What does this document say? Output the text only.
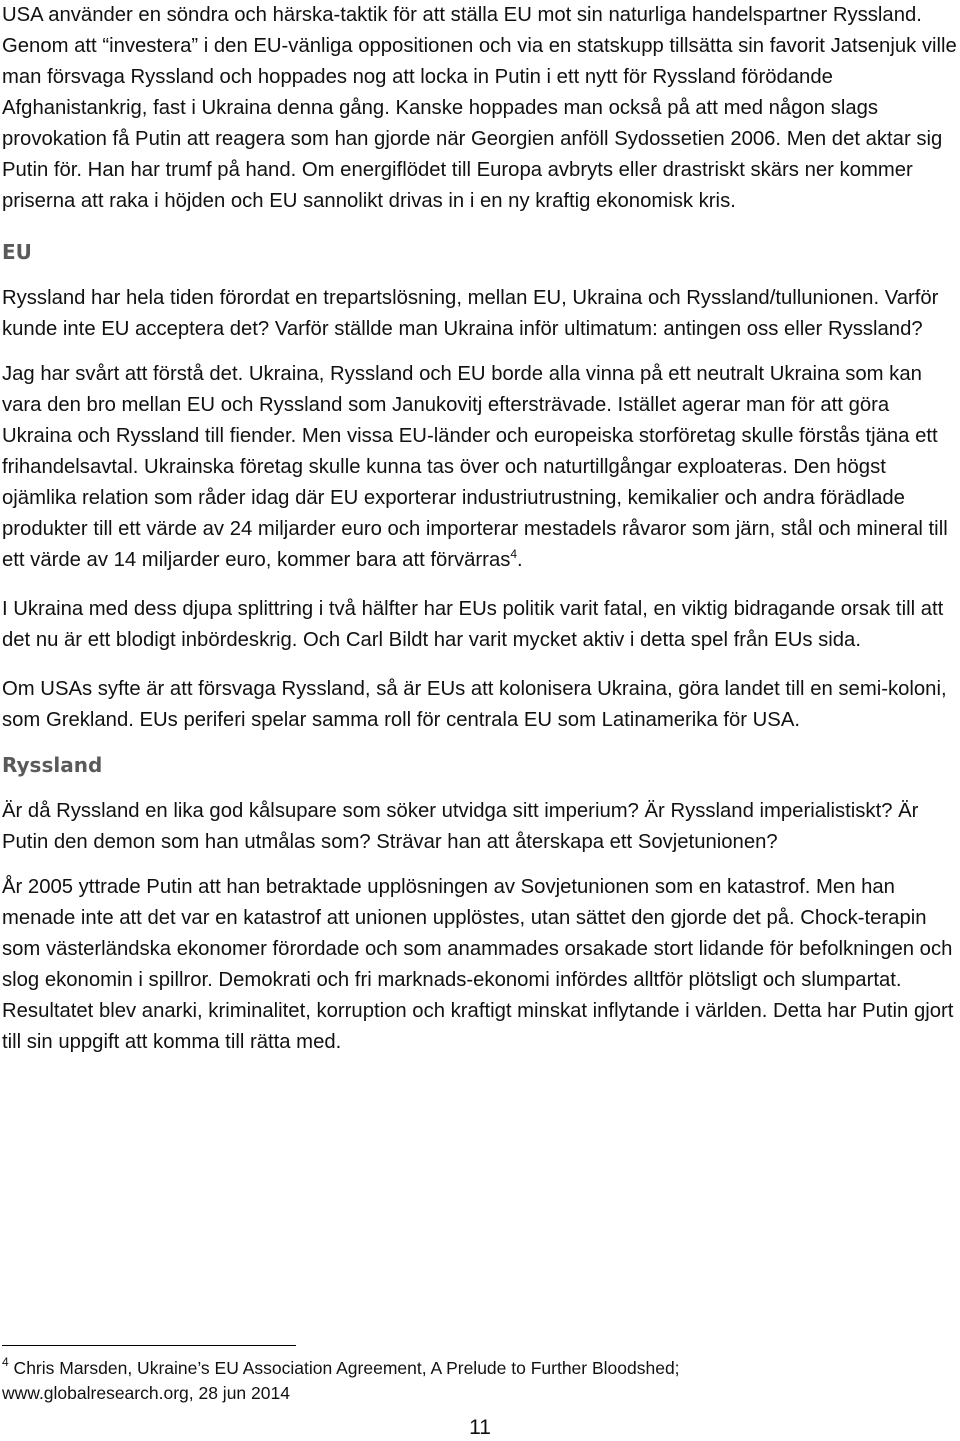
USA använder en söndra och härska-taktik för att ställa EU mot sin naturliga handelspartner Ryssland. Genom att “investera” i den EU-vänliga oppositionen och via en statskupp tillsätta sin favorit Jatsenjuk ville man försvaga Ryssland och hoppades nog att locka in Putin i ett nytt för Ryssland förödande Afghanistankrig, fast i Ukraina denna gång. Kanske hoppades man också på att med någon slags provokation få Putin att reagera som han gjorde när Georgien anföll Sydossetien 2006. Men det aktar sig Putin för. Han har trumf på hand. Om energiflödet till Europa avbryts eller drastriskt skärs ner kommer priserna att raka i höjden och EU sannolikt drivas in i en ny kraftig ekonomisk kris.

EU

Ryssland har hela tiden förordat en trepartslösning, mellan EU, Ukraina och Ryssland/tullunionen. Varför kunde inte EU acceptera det? Varför ställde man Ukraina inför ultimatum: antingen oss eller Ryssland?

Jag har svårt att förstå det. Ukraina, Ryssland och EU borde alla vinna på ett neutralt Ukraina som kan vara den bro mellan EU och Ryssland som Janukovitj eftersträvade. Istället agerar man för att göra Ukraina och Ryssland till fiender. Men vissa EU-länder och europeiska storföretag skulle förstås tjäna ett frihandelsavtal. Ukrainska företag skulle kunna tas över och naturtillgångar exploateras. Den högst ojämlika relation som råder idag där EU exporterar industriutrustning, kemikalier och andra förädlade produkter till ett värde av 24 miljarder euro och importerar mestadels råvaror som järn, stål och mineral till ett värde av 14 miljarder euro, kommer bara att förvärras$^4$.

I Ukraina med dess djupa splittring i två hälfter har EUs politik varit fatal, en viktig bidragande orsak till att det nu är ett blodigt inbördeskrig. Och Carl Bildt har varit mycket aktiv i detta spel från EUs sida.

Om USAs syfte är att försvaga Ryssland, så är EUs att kolonisera Ukraina, göra landet till en semi-koloni, som Grekland. EUs periferi spelar samma roll för centrala EU som Latinamerika för USA.

Ryssland

Är då Ryssland en lika god kålsupare som söker utvidga sitt imperium? Är Ryssland imperialistiskt? Är Putin den demon som han utmålas som? Strävar han att återskapa ett Sovjetunionen?

År 2005 yttrade Putin att han betraktade upplösningen av Sovjetunionen som en katastrof. Men han menade inte att det var en katastrof att unionen upplöstes, utan sättet den gjorde det på. Chock-terapin som västerländska ekonomer förordade och som anammades orsakade stort lidande för befolkningen och slog ekonomin i spillror. Demokrati och fri marknads-ekonomi infördes alltför plötsligt och slumpartat. Resultatet blev anarki, kriminalitet, korruption och kraftigt minskat inflytande i världen. Detta har Putin gjort till sin uppgift att komma till rätta med.

$^4$ Chris Marsden, Ukraine’s EU Association Agreement, A Prelude to Further Bloodshed;
www.globalresearch.org, 28 jun 2014
11
